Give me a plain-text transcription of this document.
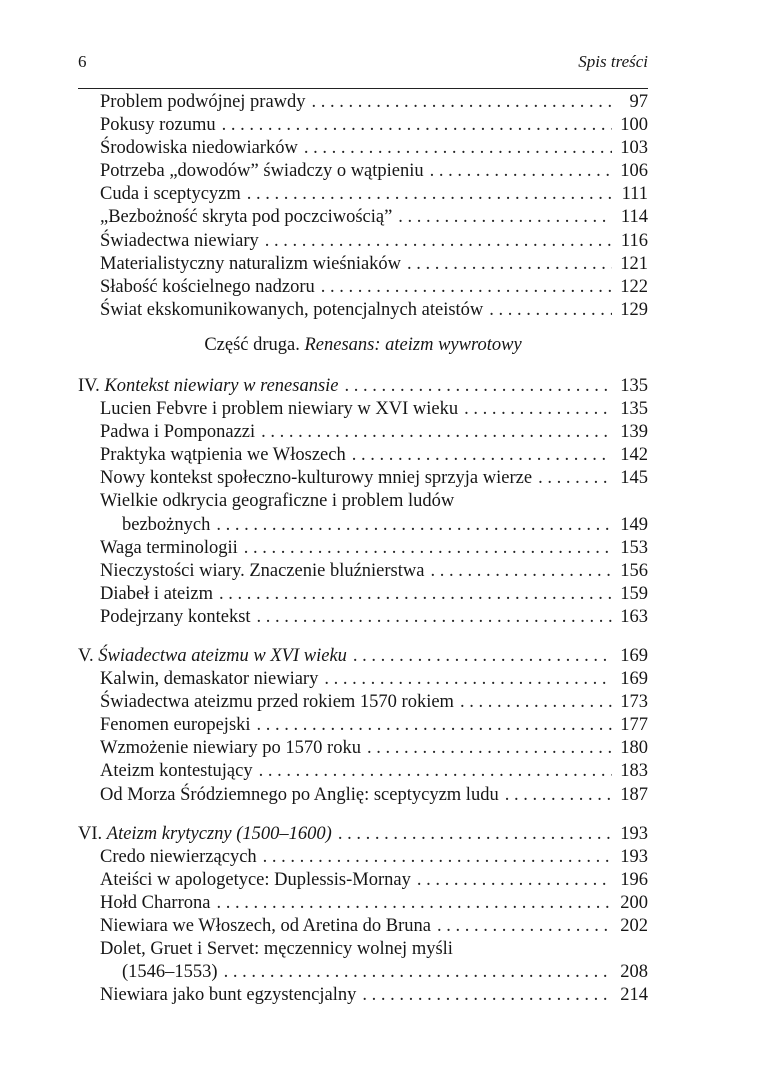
6	Spis treści
Problem podwójnej prawdy . . .	97
Pokusy rozumu . . .	100
Środowiska niedowiarków . . .	103
Potrzeba „dowodów” świadczy o wątpieniu . . .	106
Cuda i sceptycyzm . . .	111
„Bezbożność skryta pod poczciwością” . . .	114
Świadectwa niewiary . . .	116
Materialistyczny naturalizm wieśniaków . . .	121
Słabość kościelnego nadzoru . . .	122
Świat ekskomunikowanych, potencjalnych ateistów . . .	129
Część druga. Renesans: ateizm wywrotowy
IV. Kontekst niewiary w renesansie . . .	135
Lucien Febvre i problem niewiary w XVI wieku . . .	135
Padwa i Pomponazzi . . .	139
Praktyka wątpienia we Włoszech . . .	142
Nowy kontekst społeczno-kulturowy mniej sprzyja wierze . . .	145
Wielkie odkrycia geograficzne i problem ludów
bezbożnych . . .	149
Waga terminologii . . .	153
Nieczystości wiary. Znaczenie bluźnierstwa . . .	156
Diabeł i ateizm . . .	159
Podejrzany kontekst . . .	163
V. Świadectwa ateizmu w XVI wieku . . .	169
Kalwin, demaskator niewiary . . .	169
Świadectwa ateizmu przed rokiem 1570 rokiem . . .	173
Fenomen europejski . . .	177
Wzmożenie niewiary po 1570 roku . . .	180
Ateizm kontestujący . . .	183
Od Morza Śródziemnego po Anglię: sceptycyzm ludu . . .	187
VI. Ateizm krytyczny (1500–1600) . . .	193
Credo niewierzących . . .	193
Ateiści w apologetyce: Duplessis-Mornay . . .	196
Hołd Charrona . . .	200
Niewiara we Włoszech, od Aretina do Bruna . . .	202
Dolet, Gruet i Servet: męczennicy wolnej myśli
(1546–1553) . . .	208
Niewiara jako bunt egzystencjalny . . .	214
